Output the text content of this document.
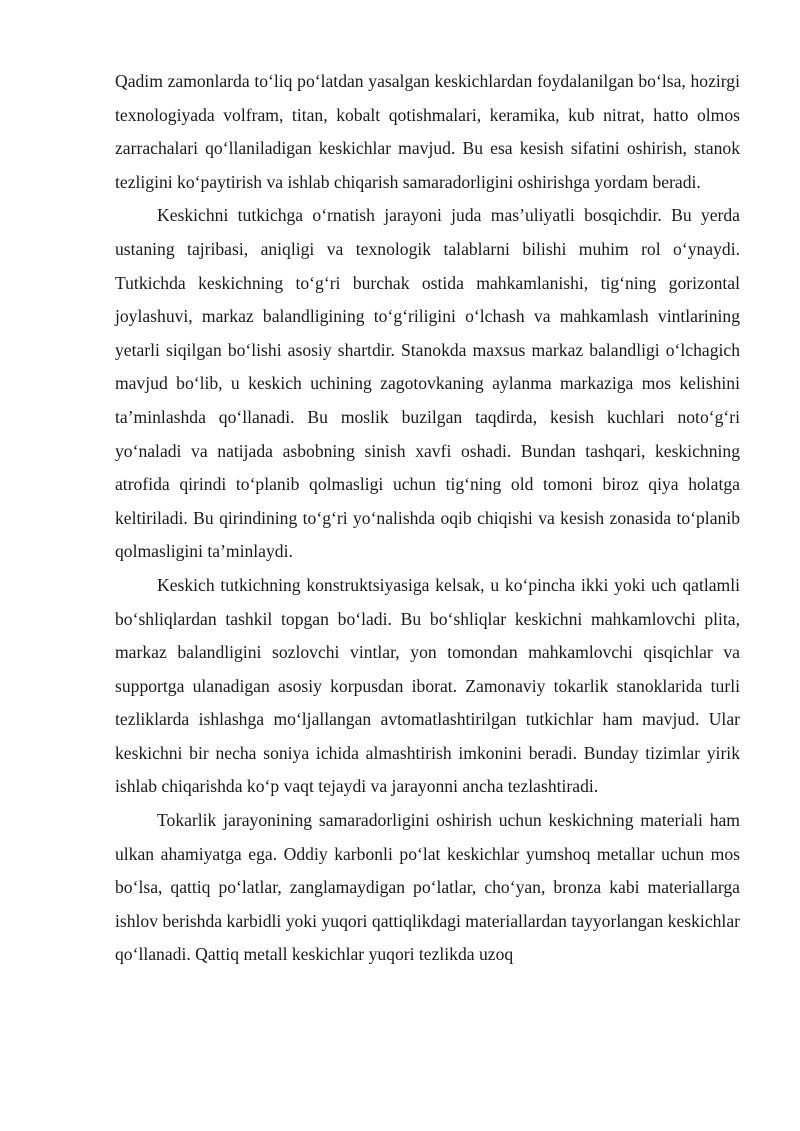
Qadim zamonlarda to‘liq po‘latdan yasalgan keskichlardan foydalanilgan bo‘lsa, hozirgi texnologiyada volfram, titan, kobalt qotishmalari, keramika, kub nitrat, hatto olmos zarrachalari qo‘llaniladigan keskichlar mavjud. Bu esa kesish sifatini oshirish, stanok tezligini ko‘paytirish va ishlab chiqarish samaradorligini oshirishga yordam beradi.

Keskichni tutkichga o‘rnatish jarayoni juda mas’uliyatli bosqichdir. Bu yerda ustaning tajribasi, aniqligi va texnologik talablarni bilishi muhim rol o‘ynaydi. Tutkichda keskichning to‘g‘ri burchak ostida mahkamlanishi, tig‘ning gorizontal joylashuvi, markaz balandligining to‘g‘riligini o‘lchash va mahkamlash vintlarining yetarli siqilgan bo‘lishi asosiy shartdir. Stanokda maxsus markaz balandligi o‘lchagich mavjud bo‘lib, u keskich uchining zagotovkaning aylanma markaziga mos kelishini ta’minlashda qo‘llanadi. Bu moslik buzilgan taqdirda, kesish kuchlari noto‘g‘ri yo‘naladi va natijada asbobning sinish xavfi oshadi. Bundan tashqari, keskichning atrofida qirindi to‘planib qolmasligi uchun tig‘ning old tomoni biroz qiya holatga keltiriladi. Bu qirindining to‘g‘ri yo‘nalishda oqib chiqishi va kesish zonasida to‘planib qolmasligini ta’minlaydi.

Keskich tutkichning konstruktsiyasiga kelsak, u ko‘pincha ikki yoki uch qatlamli bo‘shliqlardan tashkil topgan bo‘ladi. Bu bo‘shliqlar keskichni mahkamlovchi plita, markaz balandligini sozlovchi vintlar, yon tomondan mahkamlovchi qisqichlar va supportga ulanadigan asosiy korpusdan iborat. Zamonaviy tokarlik stanoklarida turli tezliklarda ishlashga mo‘ljallangan avtomatlashtirilgan tutkichlar ham mavjud. Ular keskichni bir necha soniya ichida almashtirish imkonini beradi. Bunday tizimlar yirik ishlab chiqarishda ko‘p vaqt tejaydi va jarayonni ancha tezlashtiradi.

Tokarlik jarayonining samaradorligini oshirish uchun keskichning materiali ham ulkan ahamiyatga ega. Oddiy karbonli po‘lat keskichlar yumshoq metallar uchun mos bo‘lsa, qattiq po‘latlar, zanglamaydigan po‘latlar, cho‘yan, bronza kabi materiallarga ishlov berishda karbidli yoki yuqori qattiqlikdagi materiallardan tayyorlangan keskichlar qo‘llanadi. Qattiq metall keskichlar yuqori tezlikda uzoq
